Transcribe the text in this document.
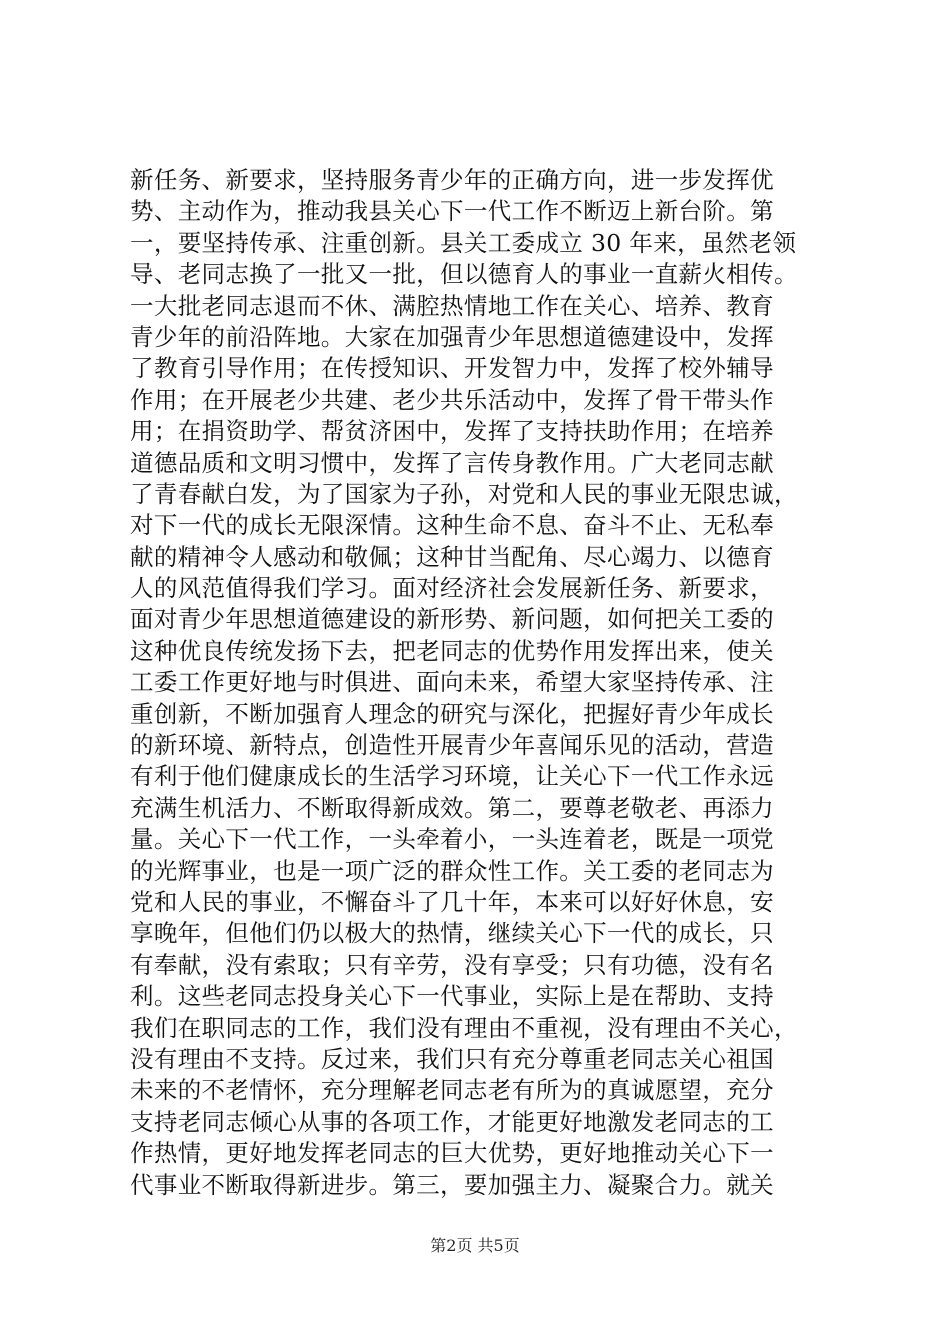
新任务、新要求，坚持服务青少年的正确方向，进一步发挥优
势、主动作为，推动我县关心下一代工作不断迈上新台阶。第
一，要坚持传承、注重创新。县关工委成立 30 年来，虽然老领
导、老同志换了一批又一批，但以德育人的事业一直薪火相传。
一大批老同志退而不休、满腔热情地工作在关心、培养、教育
青少年的前沿阵地。大家在加强青少年思想道德建设中，发挥
了教育引导作用；在传授知识、开发智力中，发挥了校外辅导
作用；在开展老少共建、老少共乐活动中，发挥了骨干带头作
用；在捐资助学、帮贫济困中，发挥了支持扶助作用；在培养
道德品质和文明习惯中，发挥了言传身教作用。广大老同志献
了青春献白发，为了国家为子孙，对党和人民的事业无限忠诚，
对下一代的成长无限深情。这种生命不息、奋斗不止、无私奉
献的精神令人感动和敬佩；这种甘当配角、尽心竭力、以德育
人的风范值得我们学习。面对经济社会发展新任务、新要求，
面对青少年思想道德建设的新形势、新问题，如何把关工委的
这种优良传统发扬下去，把老同志的优势作用发挥出来，使关
工委工作更好地与时俱进、面向未来，希望大家坚持传承、注
重创新，不断加强育人理念的研究与深化，把握好青少年成长
的新环境、新特点，创造性开展青少年喜闻乐见的活动，营造
有利于他们健康成长的生活学习环境，让关心下一代工作永远
充满生机活力、不断取得新成效。第二，要尊老敬老、再添力
量。关心下一代工作，一头牵着小，一头连着老，既是一项党
的光辉事业，也是一项广泛的群众性工作。关工委的老同志为
党和人民的事业，不懈奋斗了几十年，本来可以好好休息，安
享晚年，但他们仍以极大的热情，继续关心下一代的成长，只
有奉献，没有索取；只有辛劳，没有享受；只有功德，没有名
利。这些老同志投身关心下一代事业，实际上是在帮助、支持
我们在职同志的工作，我们没有理由不重视，没有理由不关心，
没有理由不支持。反过来，我们只有充分尊重老同志关心祖国
未来的不老情怀，充分理解老同志老有所为的真诚愿望，充分
支持老同志倾心从事的各项工作，才能更好地激发老同志的工
作热情，更好地发挥老同志的巨大优势，更好地推动关心下一
代事业不断取得新进步。第三，要加强主力、凝聚合力。就关
第2页 共5页
